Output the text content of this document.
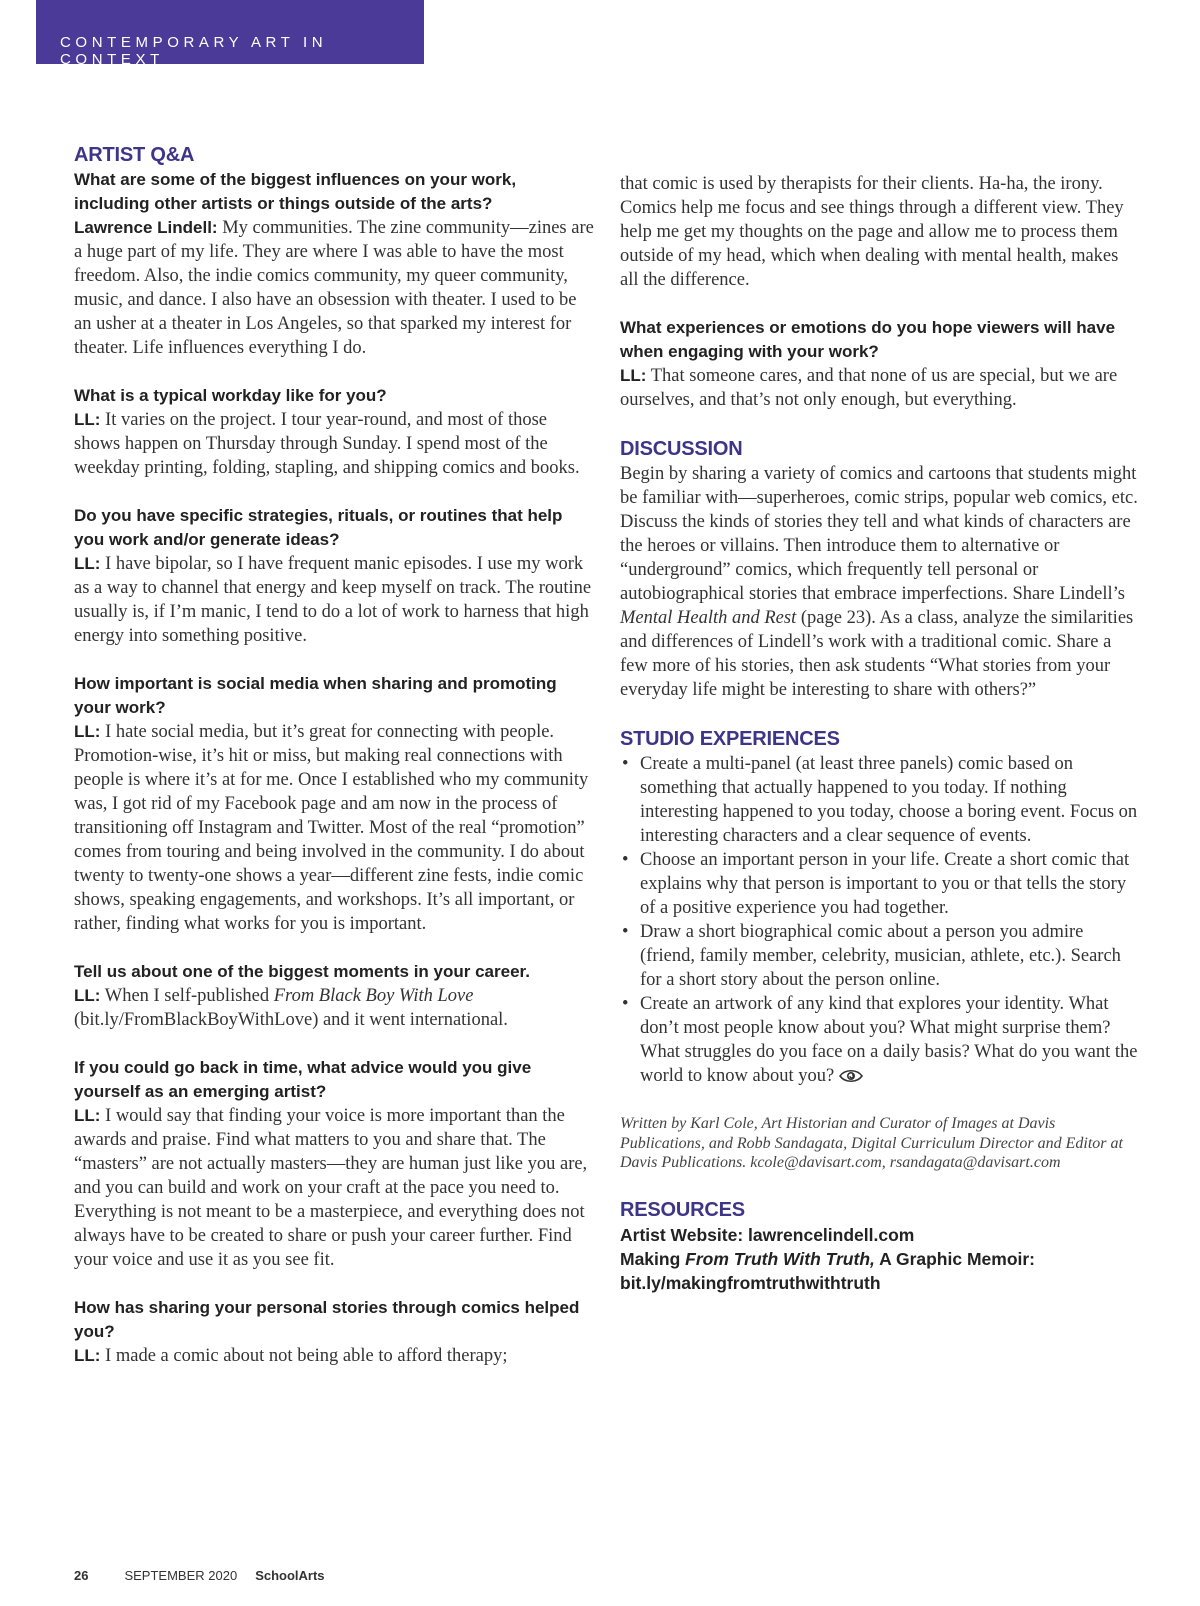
CONTEMPORARY ART IN CONTEXT
ARTIST Q&A

What are some of the biggest influences on your work, including other artists or things outside of the arts?

Lawrence Lindell: My communities. The zine community—zines are a huge part of my life. They are where I was able to have the most freedom. Also, the indie comics community, my queer community, music, and dance. I also have an obsession with theater. I used to be an usher at a theater in Los Angeles, so that sparked my interest for theater. Life influences everything I do.

What is a typical workday like for you?

LL: It varies on the project. I tour year-round, and most of those shows happen on Thursday through Sunday. I spend most of the weekday printing, folding, stapling, and shipping comics and books.

Do you have specific strategies, rituals, or routines that help you work and/or generate ideas?

LL: I have bipolar, so I have frequent manic episodes. I use my work as a way to channel that energy and keep myself on track. The routine usually is, if I’m manic, I tend to do a lot of work to harness that high energy into something positive.

How important is social media when sharing and promoting your work?

LL: I hate social media, but it’s great for connecting with people. Promotion-wise, it’s hit or miss, but making real connections with people is where it’s at for me. Once I established who my community was, I got rid of my Facebook page and am now in the process of transitioning off Instagram and Twitter. Most of the real “promotion” comes from touring and being involved in the community. I do about twenty to twenty-one shows a year—different zine fests, indie comic shows, speaking engagements, and workshops. It’s all important, or rather, finding what works for you is important.

Tell us about one of the biggest moments in your career.

LL: When I self-published From Black Boy With Love (bit.ly/FromBlackBoyWithLove) and it went international.

If you could go back in time, what advice would you give yourself as an emerging artist?

LL: I would say that finding your voice is more important than the awards and praise. Find what matters to you and share that. The “masters” are not actually masters—they are human just like you are, and you can build and work on your craft at the pace you need to. Everything is not meant to be a masterpiece, and everything does not always have to be created to share or push your career further. Find your voice and use it as you see fit.

How has sharing your personal stories through comics helped you?

LL: I made a comic about not being able to afford therapy;

that comic is used by therapists for their clients. Ha-ha, the irony. Comics help me focus and see things through a different view. They help me get my thoughts on the page and allow me to process them outside of my head, which when dealing with mental health, makes all the difference.

What experiences or emotions do you hope viewers will have when engaging with your work?

LL: That someone cares, and that none of us are special, but we are ourselves, and that’s not only enough, but everything.

DISCUSSION

Begin by sharing a variety of comics and cartoons that students might be familiar with—superheroes, comic strips, popular web comics, etc. Discuss the kinds of stories they tell and what kinds of characters are the heroes or villains. Then introduce them to alternative or “underground” comics, which frequently tell personal or autobiographical stories that embrace imperfections. Share Lindell’s Mental Health and Rest (page 23). As a class, analyze the similarities and differences of Lindell’s work with a traditional comic. Share a few more of his stories, then ask students “What stories from your everyday life might be interesting to share with others?”

STUDIO EXPERIENCES
• Create a multi-panel (at least three panels) comic based on something that actually happened to you today. If nothing interesting happened to you today, choose a boring event. Focus on interesting characters and a clear sequence of events.
• Choose an important person in your life. Create a short comic that explains why that person is important to you or that tells the story of a positive experience you had together.
• Draw a short biographical comic about a person you admire (friend, family member, celebrity, musician, athlete, etc.). Search for a short story about the person online.
• Create an artwork of any kind that explores your identity. What don’t most people know about you? What might surprise them? What struggles do you face on a daily basis? What do you want the world to know about you?

Written by Karl Cole, Art Historian and Curator of Images at Davis Publications, and Robb Sandagata, Digital Curriculum Director and Editor at Davis Publications. kcole@davisart.com, rsandagata@davisart.com

RESOURCES

Artist Website: lawrencelindell.com

Making From Truth With Truth, A Graphic Memoir:

bit.ly/makingfromtruthwithtruth

26	SEPTEMBER 2020 SchoolArts
